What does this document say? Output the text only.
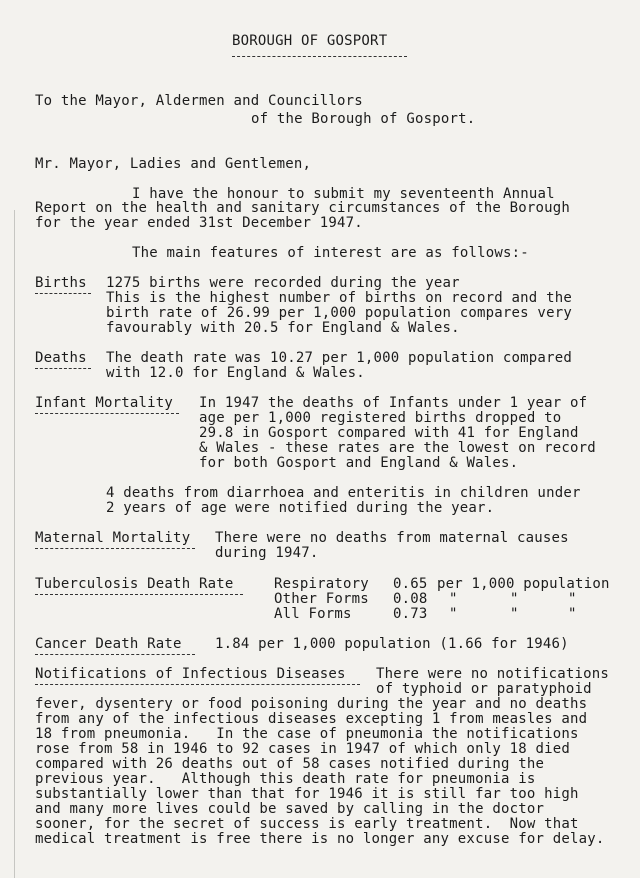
BOROUGH OF GOSPORT
To the Mayor, Aldermen and Councillors
of the Borough of Gosport.
Mr. Mayor, Ladies and Gentlemen,
I have the honour to submit my seventeenth Annual
Report on the health and sanitary circumstances of the Borough
for the year ended 31st December 1947.
The main features of interest are as follows:-
Births 1275 births were recorded during the year
This is the highest number of births on record and the
birth rate of 26.99 per 1,000 population compares very
favourably with 20.5 for England & Wales.
Deaths The death rate was 10.27 per 1,000 population compared
with 12.0 for England & Wales.
Infant Mortality In 1947 the deaths of Infants under 1 year of
age per 1,000 registered births dropped to
29.8 in Gosport compared with 41 for England
& Wales - these rates are the lowest on record
for both Gosport and England & Wales.
4 deaths from diarrhoea and enteritis in children under
2 years of age were notified during the year.
Maternal Mortality There were no deaths from maternal causes
during 1947.
Tuberculosis Death Rate	Respiratory 0.65 per 1,000 population
Other Forms 0.08 "	"	"
All Forms	0.73 "	"	"
Cancer Death Rate 1.84 per 1,000 population (1.66 for 1946)
Notifications of Infectious Diseases There were no notifications
of typhoid or paratyphoid
fever, dysentery or food poisoning during the year and no deaths
from any of the infectious diseases excepting 1 from measles and
18 from pneumonia.   In the case of pneumonia the notifications
rose from 58 in 1946 to 92 cases in 1947 of which only 18 died
compared with 26 deaths out of 58 cases notified during the
previous year.   Although this death rate for pneumonia is
substantially lower than that for 1946 it is still far too high
and many more lives could be saved by calling in the doctor
sooner, for the secret of success is early treatment.  Now that
medical treatment is free there is no longer any excuse for delay.
